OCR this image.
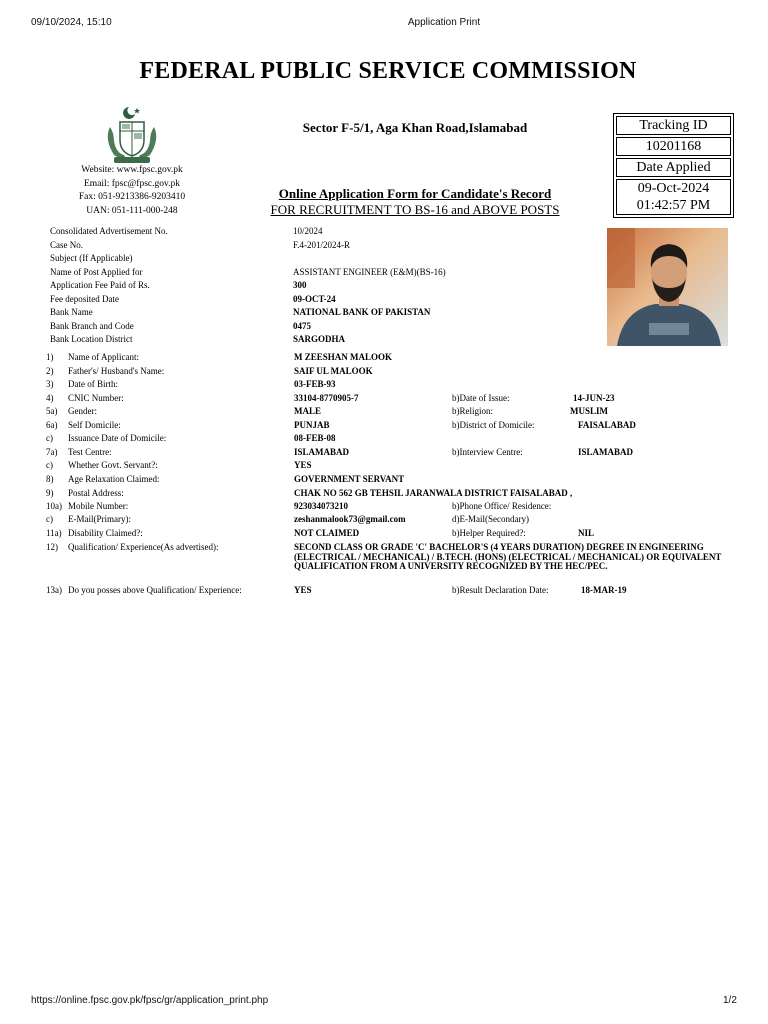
09/10/2024, 15:10	Application Print
https://online.fpsc.gov.pk/fpsc/gr/application_print.php	1/2
FEDERAL PUBLIC SERVICE COMMISSION
Website: www.fpsc.gov.pk
Email: fpsc@fpsc.gov.pk
Fax: 051-9213386-9203410
UAN: 051-111-000-248
Sector F-5/1, Aga Khan Road,Islamabad
Online Application Form for Candidate's Record
FOR RECRUITMENT TO BS-16 and ABOVE POSTS
Tracking ID
10201168
Date Applied
09-Oct-2024
01:42:57 PM
Consolidated Advertisement No.	10/2024
Case No.	F.4-201/2024-R
Subject (If Applicable)
Name of Post Applied for	ASSISTANT ENGINEER (E&M)(BS-16)
Application Fee Paid of Rs.	300
Fee deposited Date	09-OCT-24
Bank Name	NATIONAL BANK OF PAKISTAN
Bank Branch and Code	0475
Bank Location District	SARGODHA
1) Name of Applicant:	M ZEESHAN MALOOK
2) Father's/ Husband's Name:	SAIF UL MALOOK
3) Date of Birth:	03-FEB-93
4) CNIC Number:	33104-8770905-7	b)Date of Issue:	14-JUN-23
5a) Gender:	MALE	b)Religion:	MUSLIM
6a) Self Domicile:	PUNJAB	b)District of Domicile:	FAISALABAD
c) Issuance Date of Domicile:	08-FEB-08
7a) Test Centre:	ISLAMABAD	b)Interview Centre:	ISLAMABAD
c) Whether Govt. Servant?:	YES
8) Age Relaxation Claimed:	GOVERNMENT SERVANT
9) Postal Address:	CHAK NO 562 GB TEHSIL JARANWALA DISTRICT FAISALABAD ,
10a) Mobile Number:	923034073210	b)Phone Office/ Residence:
c) E-Mail(Primary):	zeshanmalook73@gmail.com	d)E-Mail(Secondary)
11a) Disability Claimed?:	NOT CLAIMED	b)Helper Required?:	NIL
12) Qualification/ Experience(As advertised):	SECOND CLASS OR GRADE 'C' BACHELOR'S (4 YEARS DURATION) DEGREE IN ENGINEERING (ELECTRICAL / MECHANICAL) / B.TECH. (HONS) (ELECTRICAL / MECHANICAL) OR EQUIVALENT QUALIFICATION FROM A UNIVERSITY RECOGNIZED BY THE HEC/PEC.
13a) Do you posses above Qualification/ Experience:	YES	b)Result Declaration Date:	18-MAR-19
